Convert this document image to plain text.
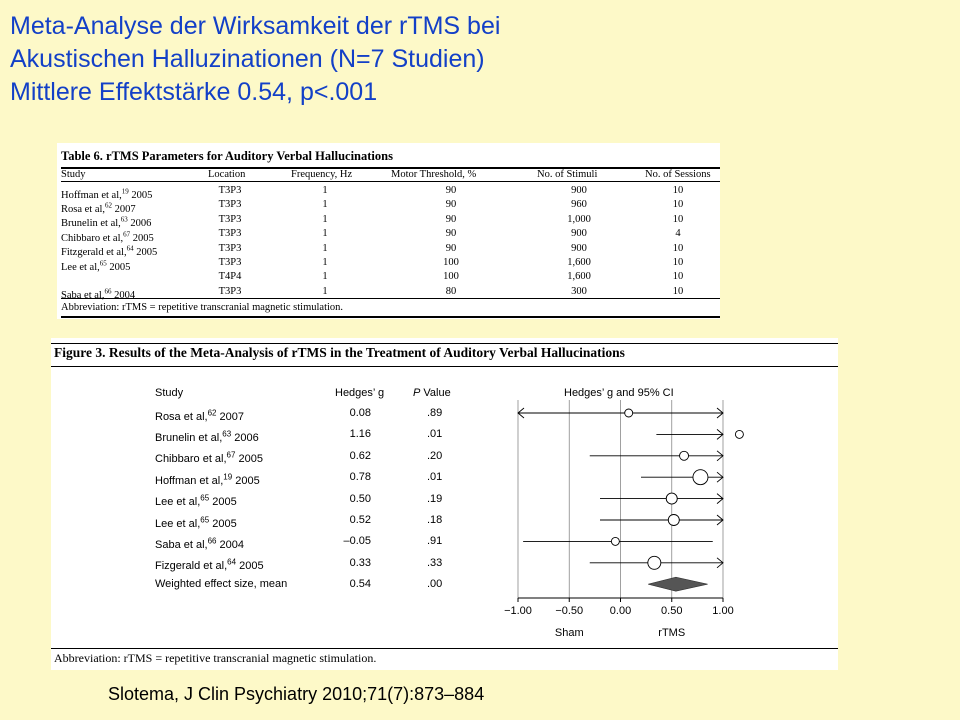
Meta-Analyse der Wirksamkeit der rTMS bei
Akustischen Halluzinationen (N=7 Studien)
Mittlere Effektstärke 0.54, p<.001
Table 6. rTMS Parameters for Auditory Verbal Hallucinations
Study	Location	Frequency, Hz	Motor Threshold, %	No. of Stimuli	No. of Sessions
Hoffman et al,$^{19}$ 2005	T3P3	1	90	900	10
Rosa et al,$^{62}$ 2007	T3P3	1	90	960	10
Brunelin et al,$^{63}$ 2006	T3P3	1	90	1,000	10
Chibbaro et al,$^{67}$ 2005	T3P3	1	90	900	4
Fitzgerald et al,$^{64}$ 2005	T3P3	1	90	900	10
Lee et al,$^{65}$ 2005	T3P3	1	100	1,600	10
T4P4	1	100	1,600	10
Saba et al,$^{66}$ 2004	T3P3	1	80	300	10
Abbreviation: rTMS = repetitive transcranial magnetic stimulation.
Figure 3. Results of the Meta-Analysis of rTMS in the Treatment of Auditory Verbal Hallucinations
−1.00 −0.50 0.00	0.50	1.00
Sham	rTMS
Study	Hedges’ g	P Value	Hedges’ g and 95% CI
Rosa et al,$^{62}$ 2007	0.08	.89
Brunelin et al,$^{63}$ 2006	1.16	.01
Chibbaro et al,$^{67}$ 2005	0.62	.20
Hoffman et al,$^{19}$ 2005	0.78	.01
Lee et al,$^{65}$ 2005	0.50	.19
Lee et al,$^{65}$ 2005	0.52	.18
Saba et al,$^{66}$ 2004	–0.05	.91
Fizgerald et al,$^{64}$ 2005	0.33	.33
Weighted effect size, mean	0.54	.00
Abbreviation: rTMS = repetitive transcranial magnetic stimulation.
Slotema, J Clin Psychiatry 2010;71(7):873–884
